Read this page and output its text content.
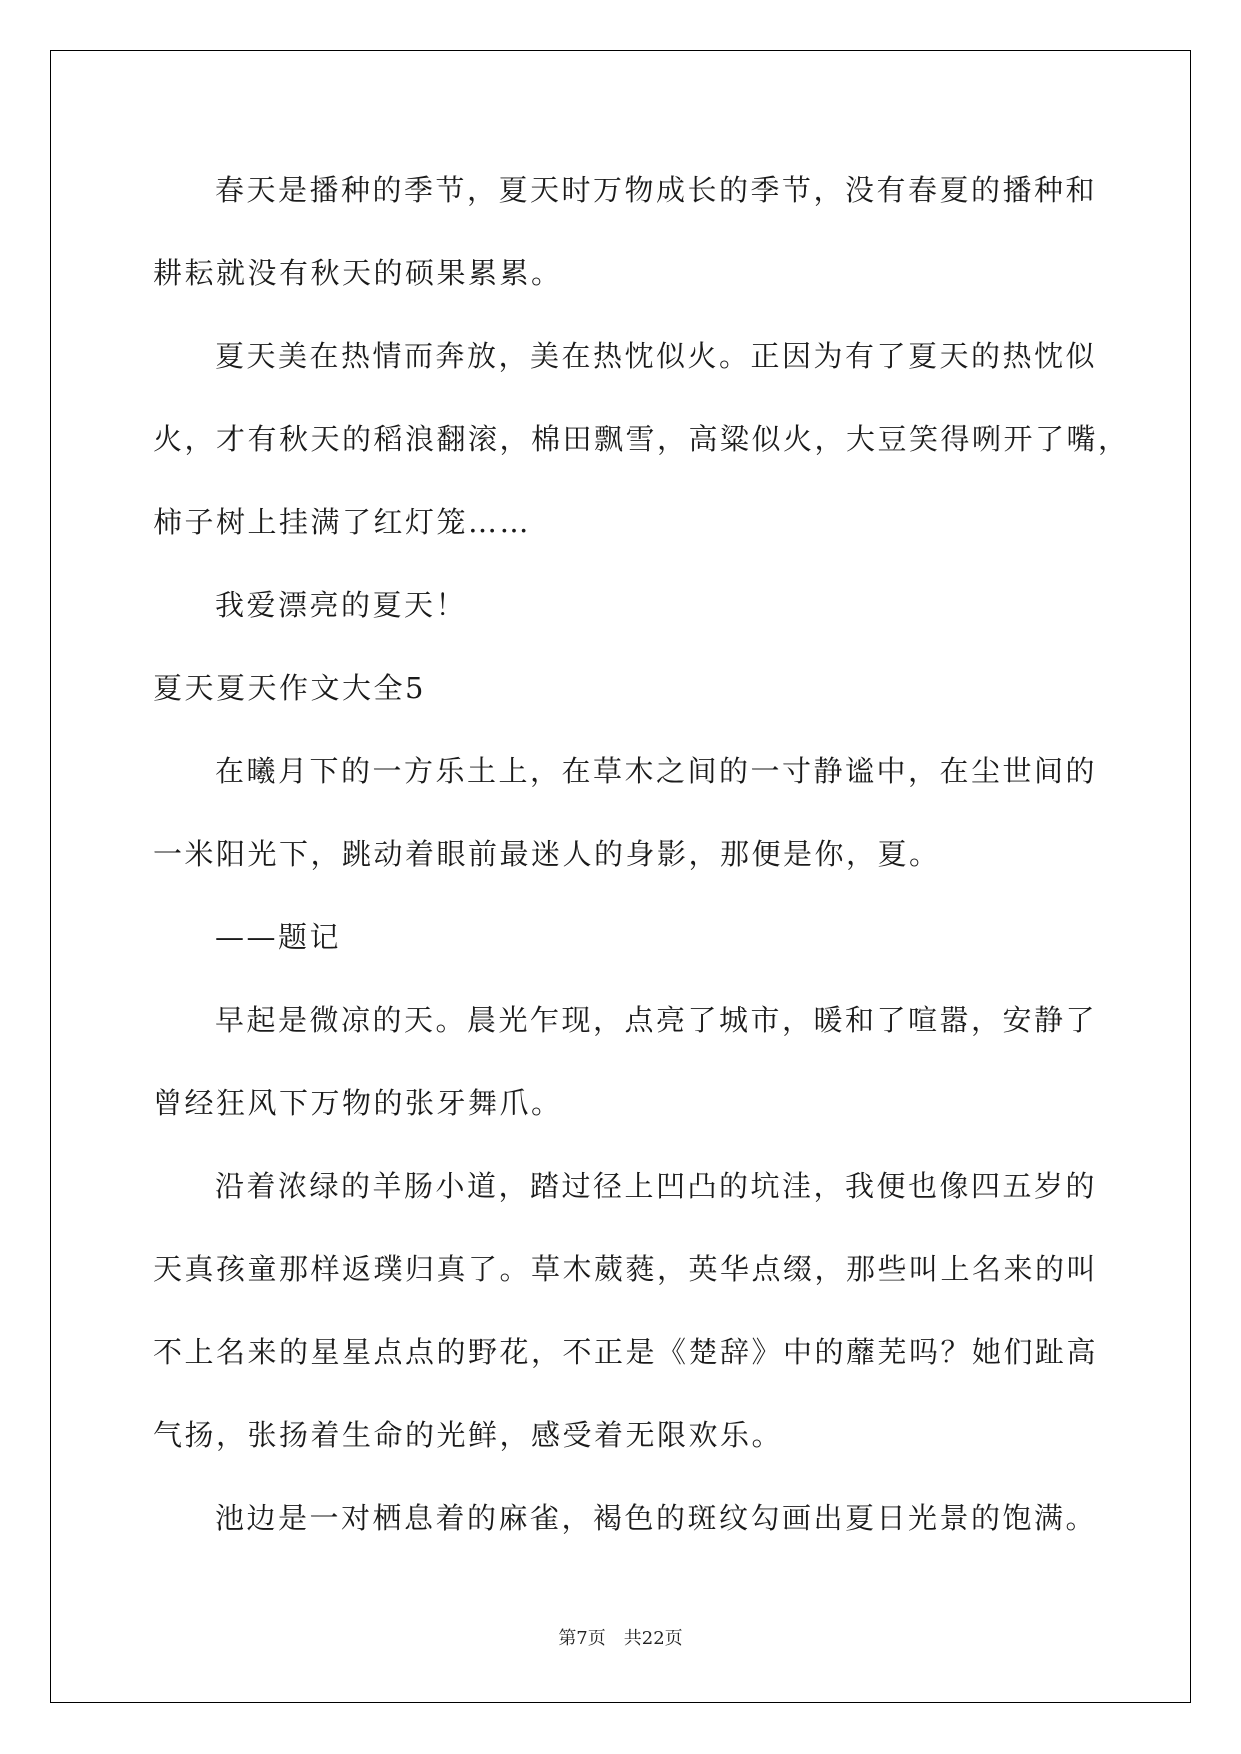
春天是播种的季节，夏天时万物成长的季节，没有春夏的播种和
耕耘就没有秋天的硕果累累。
夏天美在热情而奔放，美在热忱似火。正因为有了夏天的热忱似
火，才有秋天的稻浪翻滚，棉田飘雪，高粱似火，大豆笑得咧开了嘴，
柿子树上挂满了红灯笼……
我爱漂亮的夏天！
夏天夏天作文大全5
在曦月下的一方乐土上，在草木之间的一寸静谧中，在尘世间的
一米阳光下，跳动着眼前最迷人的身影，那便是你，夏。
——题记
早起是微凉的天。晨光乍现，点亮了城市，暖和了喧嚣，安静了
曾经狂风下万物的张牙舞爪。
沿着浓绿的羊肠小道，踏过径上凹凸的坑洼，我便也像四五岁的
天真孩童那样返璞归真了。草木葳蕤，英华点缀，那些叫上名来的叫
不上名来的星星点点的野花，不正是《楚辞》中的蘼芜吗？她们趾高
气扬，张扬着生命的光鲜，感受着无限欢乐。
池边是一对栖息着的麻雀，褐色的斑纹勾画出夏日光景的饱满。
第7页 共22页
